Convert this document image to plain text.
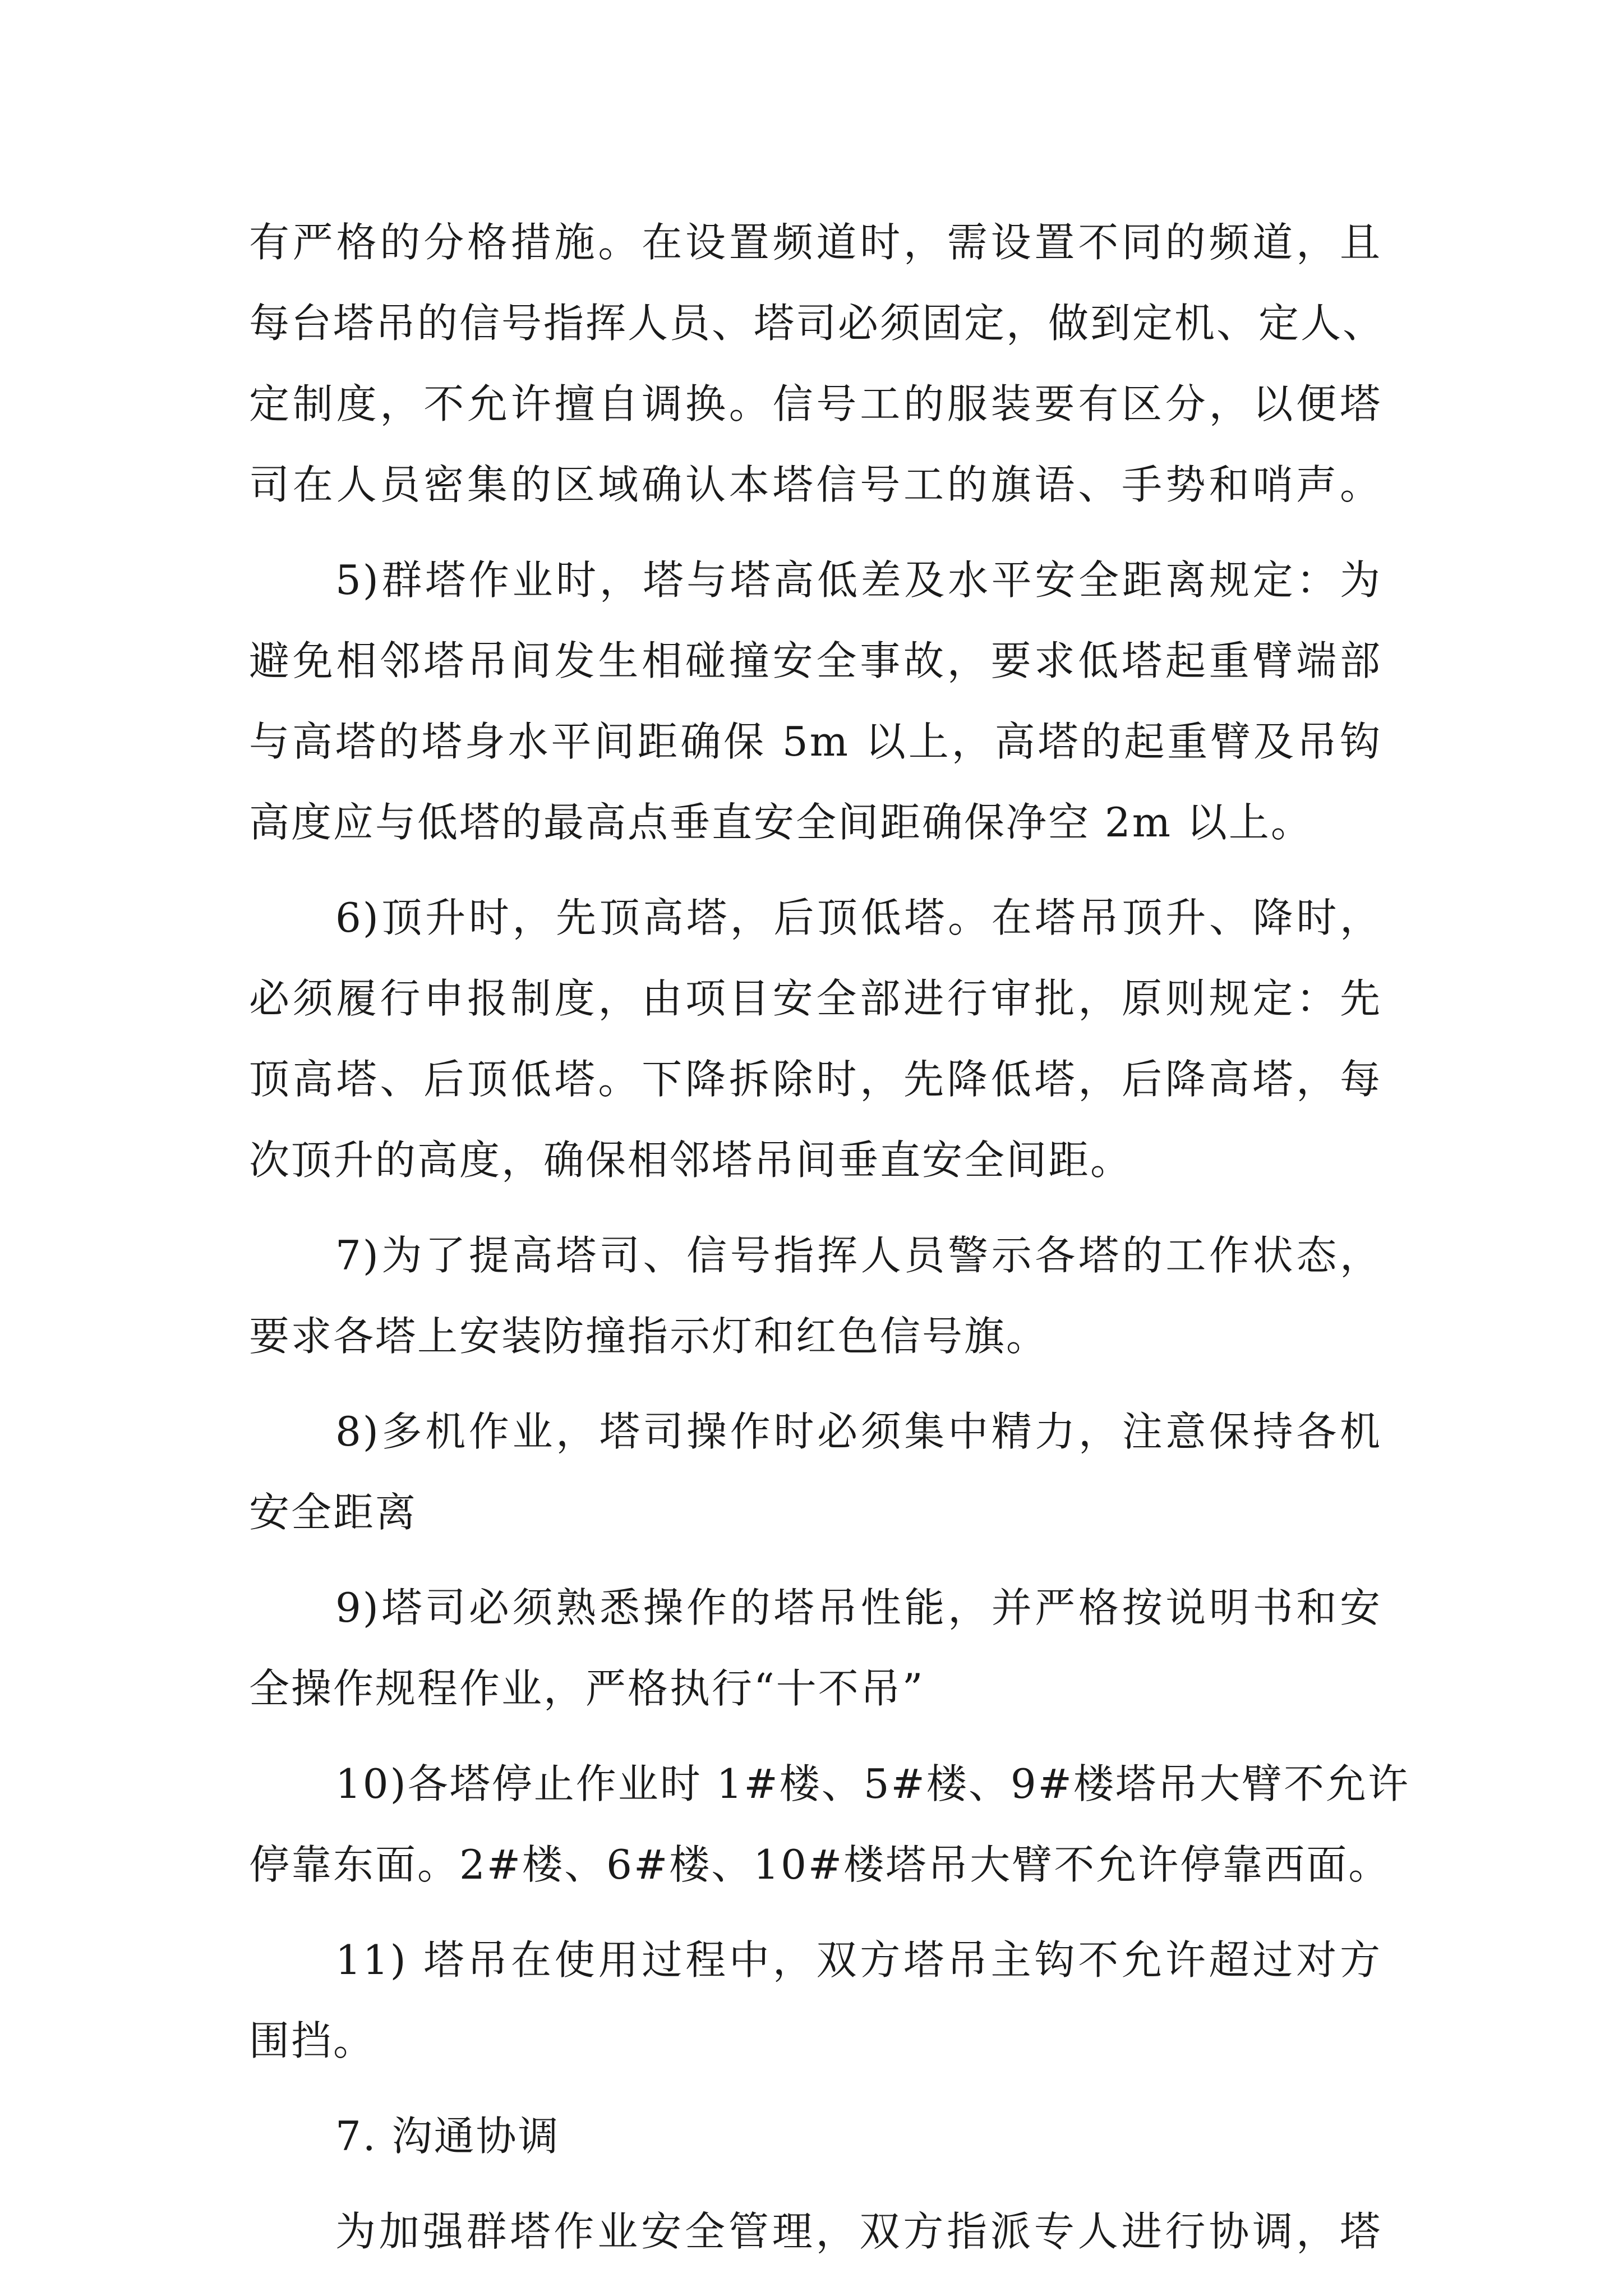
有严格的分格措施。在设置频道时，需设置不同的频道，且
每台塔吊的信号指挥人员、塔司必须固定，做到定机、定人、
定制度，不允许擅自调换。信号工的服装要有区分，以便塔
司在人员密集的区域确认本塔信号工的旗语、手势和哨声。
5)群塔作业时，塔与塔高低差及水平安全距离规定：为
避免相邻塔吊间发生相碰撞安全事故，要求低塔起重臂端部
与高塔的塔身水平间距确保 5m 以上，高塔的起重臂及吊钩
高度应与低塔的最高点垂直安全间距确保净空 2m 以上。
6)顶升时，先顶高塔，后顶低塔。在塔吊顶升、降时，
必须履行申报制度，由项目安全部进行审批，原则规定：先
顶高塔、后顶低塔。下降拆除时，先降低塔，后降高塔，每
次顶升的高度，确保相邻塔吊间垂直安全间距。
7)为了提高塔司、信号指挥人员警示各塔的工作状态，
要求各塔上安装防撞指示灯和红色信号旗。
8)多机作业，塔司操作时必须集中精力，注意保持各机
安全距离
9)塔司必须熟悉操作的塔吊性能，并严格按说明书和安
全操作规程作业，严格执行“十不吊”
10)各塔停止作业时 1#楼、5#楼、9#楼塔吊大臂不允许
停靠东面。2#楼、6#楼、10#楼塔吊大臂不允许停靠西面。
11) 塔吊在使用过程中，双方塔吊主钩不允许超过对方
围挡。
7. 沟通协调
为加强群塔作业安全管理，双方指派专人进行协调，塔
